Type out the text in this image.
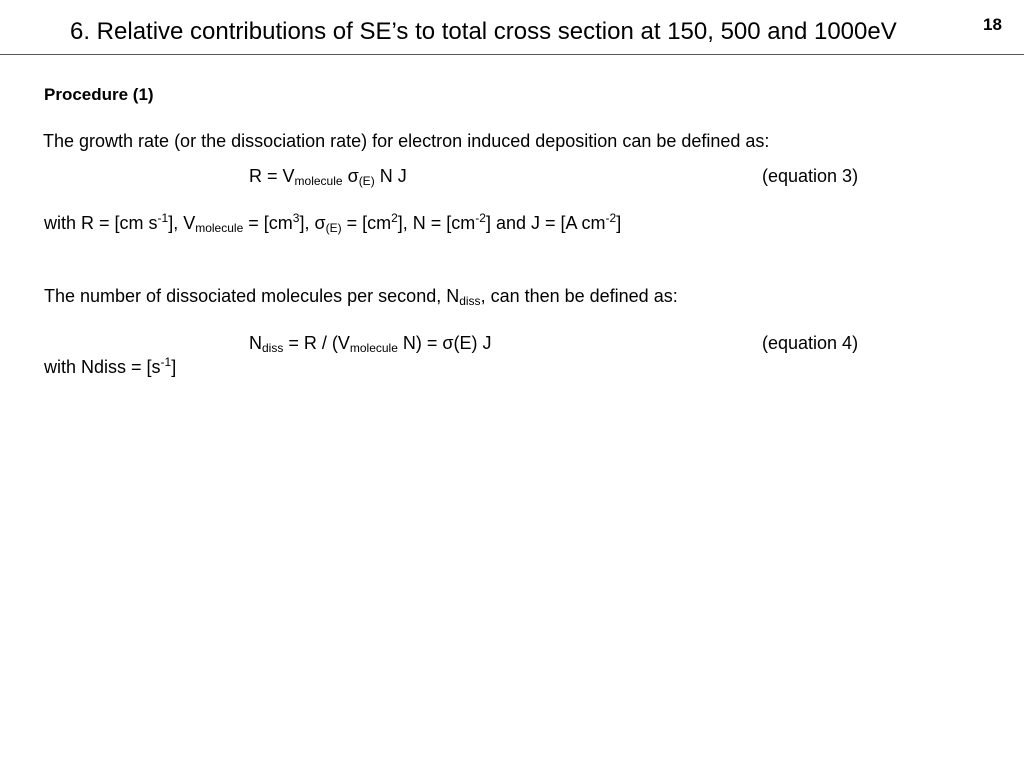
6. Relative contributions of SE’s to total cross section at 150, 500 and 1000eV	18
Procedure (1)
The growth rate (or the dissociation rate) for electron induced deposition can be defined as:
$R = V_{molecule}$ $\sigma_{(E)}$ N J	(equation 3)
with R = [cm $s^{-1}$], $V_{molecule} = [cm^3]$, $\sigma_{(E)} = [cm^2]$, $N = [cm^{-2}]$ and J = [A $cm^{-2}$]
The number of dissociated molecules per second, $N_{diss}$, can then be defined as:
$N_{diss} = R / (V_{molecule}$ N) = σ(E) J	(equation 4)
with Ndiss = $[s^{-1}]$
